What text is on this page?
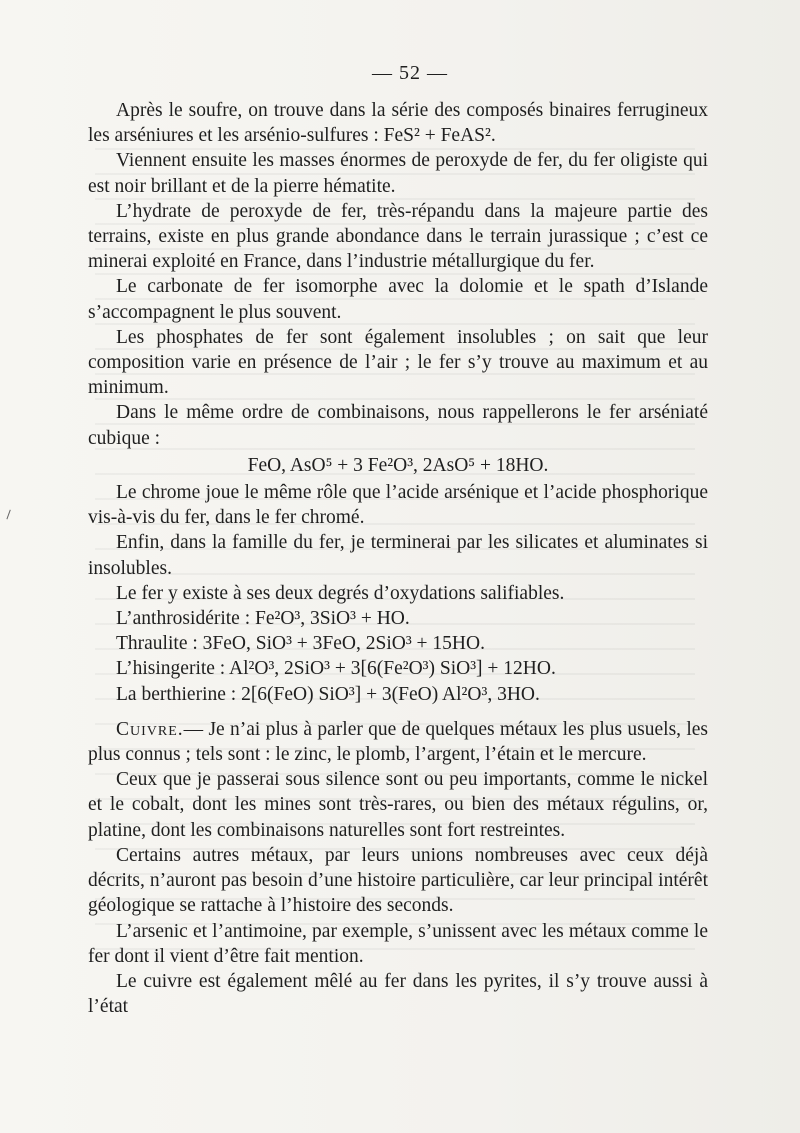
— 52 —

Après le soufre, on trouve dans la série des composés binaires ferrugineux les arséniures et les arsénio-sulfures : FeS² + FeAS².

Viennent ensuite les masses énormes de peroxyde de fer, du fer oligiste qui est noir brillant et de la pierre hématite.

L’hydrate de peroxyde de fer, très-répandu dans la majeure partie des terrains, existe en plus grande abondance dans le terrain jurassique ; c’est ce minerai exploité en France, dans l’industrie métallurgique du fer.

Le carbonate de fer isomorphe avec la dolomie et le spath d’Islande s’accompagnent le plus souvent.

Les phosphates de fer sont également insolubles ; on sait que leur composition varie en présence de l’air ; le fer s’y trouve au maximum et au minimum.

Dans le même ordre de combinaisons, nous rappellerons le fer arséniaté cubique :

FeO, AsO⁵ + 3 Fe²O³, 2AsO⁵ + 18HO.

Le chrome joue le même rôle que l’acide arsénique et l’acide phosphorique vis-à-vis du fer, dans le fer chromé.

Enfin, dans la famille du fer, je terminerai par les silicates et aluminates si insolubles.

Le fer y existe à ses deux degrés d’oxydations salifiables.

L’anthrosidérite : Fe²O³, 3SiO³ + HO.

Thraulite : 3FeO, SiO³ + 3FeO, 2SiO³ + 15HO.

L’hisingerite : Al²O³, 2SiO³ + 3[6(Fe²O³) SiO³] + 12HO.

La berthierine : 2[6(FeO) SiO³] + 3(FeO) Al²O³, 3HO.

Cuivre.— Je n’ai plus à parler que de quelques métaux les plus usuels, les plus connus ; tels sont : le zinc, le plomb, l’argent, l’étain et le mercure.

Ceux que je passerai sous silence sont ou peu importants, comme le nickel et le cobalt, dont les mines sont très-rares, ou bien des métaux régulins, or, platine, dont les combinaisons naturelles sont fort restreintes.

Certains autres métaux, par leurs unions nombreuses avec ceux déjà décrits, n’auront pas besoin d’une histoire particulière, car leur principal intérêt géologique se rattache à l’histoire des seconds.

L’arsenic et l’antimoine, par exemple, s’unissent avec les métaux comme le fer dont il vient d’être fait mention.

Le cuivre est également mêlé au fer dans les pyrites, il s’y trouve aussi à l’état
